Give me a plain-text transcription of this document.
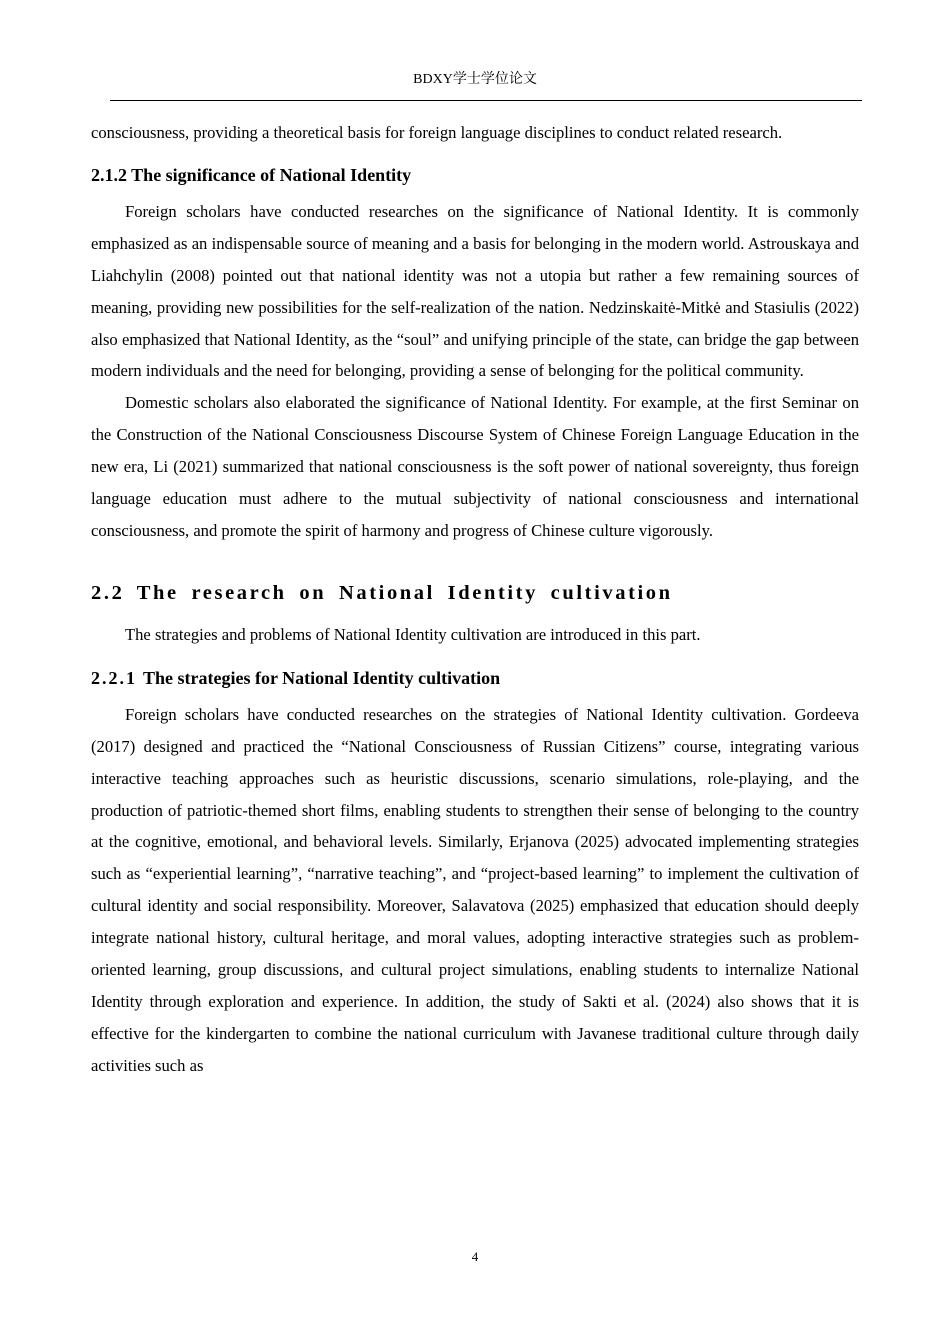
BDXY学士学位论文

consciousness, providing a theoretical basis for foreign language disciplines to conduct related research.

2.1.2 The significance of National Identity

Foreign scholars have conducted researches on the significance of National Identity. It is commonly emphasized as an indispensable source of meaning and a basis for belonging in the modern world. Astrouskaya and Liahchylin (2008) pointed out that national identity was not a utopia but rather a few remaining sources of meaning, providing new possibilities for the self-realization of the nation. Nedzinskaitė-Mitkė and Stasiulis (2022) also emphasized that National Identity, as the “soul” and unifying principle of the state, can bridge the gap between modern individuals and the need for belonging, providing a sense of belonging for the political community.

Domestic scholars also elaborated the significance of National Identity. For example, at the first Seminar on the Construction of the National Consciousness Discourse System of Chinese Foreign Language Education in the new era, Li (2021) summarized that national consciousness is the soft power of national sovereignty, thus foreign language education must adhere to the mutual subjectivity of national consciousness and international consciousness, and promote the spirit of harmony and progress of Chinese culture vigorously.

2.2 The research on National Identity cultivation

The strategies and problems of National Identity cultivation are introduced in this part.

2.2.1 The strategies for National Identity cultivation

Foreign scholars have conducted researches on the strategies of National Identity cultivation. Gordeeva (2017) designed and practiced the “National Consciousness of Russian Citizens” course, integrating various interactive teaching approaches such as heuristic discussions, scenario simulations, role-playing, and the production of patriotic-themed short films, enabling students to strengthen their sense of belonging to the country at the cognitive, emotional, and behavioral levels. Similarly, Erjanova (2025) advocated implementing strategies such as “experiential learning”, “narrative teaching”, and “project-based learning” to implement the cultivation of cultural identity and social responsibility. Moreover, Salavatova (2025) emphasized that education should deeply integrate national history, cultural heritage, and moral values, adopting interactive strategies such as problem-oriented learning, group discussions, and cultural project simulations, enabling students to internalize National Identity through exploration and experience. In addition, the study of Sakti et al. (2024) also shows that it is effective for the kindergarten to combine the national curriculum with Javanese traditional culture through daily activities such as

4
